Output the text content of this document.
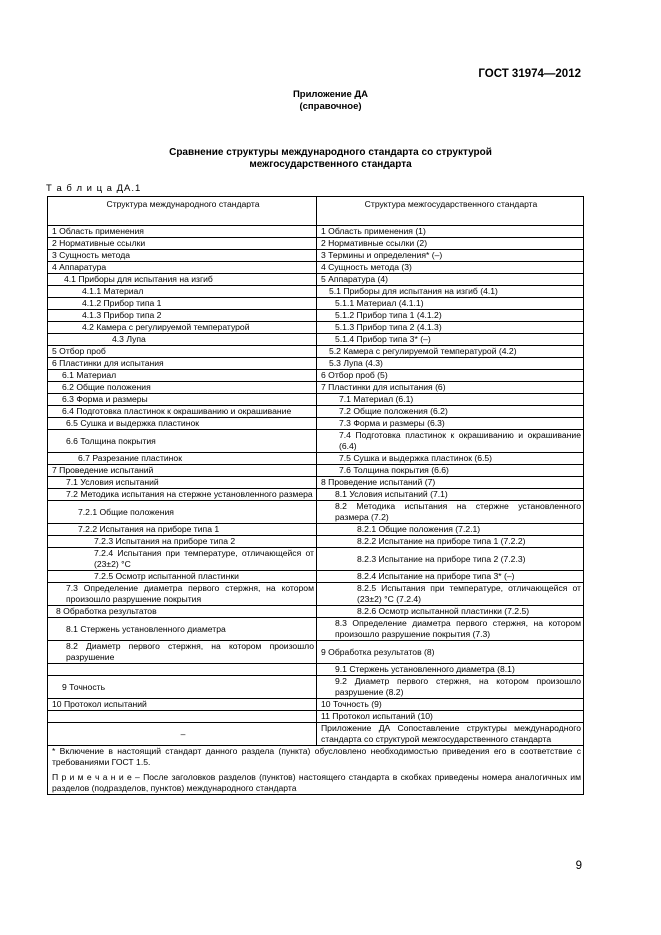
ГОСТ 31974—2012
Приложение ДА
(справочное)
Сравнение структуры международного стандарта со структурой
межгосударственного стандарта
Т а б л и ц а ДА.1
Структура международного стандарта	Структура межгосударственного стандарта

1 Область применения	1 Область применения (1)
2 Нормативные ссылки	2 Нормативные ссылки (2)
3 Сущность метода	3 Термины и определения* (–)
4 Аппаратура	4 Сущность метода (3)
4.1 Приборы для испытания на изгиб	5 Аппаратура (4)
4.1.1 Материал	5.1 Приборы для испытания на изгиб (4.1)
4.1.2 Прибор типа 1	5.1.1 Материал (4.1.1)
4.1.3 Прибор типа 2	5.1.2 Прибор типа 1 (4.1.2)
4.2 Камера с регулируемой температурой	5.1.3 Прибор типа 2 (4.1.3)
4.3 Лупа	5.1.4 Прибор типа 3* (–)
5 Отбор проб	5.2 Камера с регулируемой температурой (4.2)
6 Пластинки для испытания	5.3 Лупа (4.3)
6.1 Материал	6 Отбор проб (5)
6.2 Общие положения	7 Пластинки для испытания (6)
6.3 Форма и размеры	7.1 Материал (6.1)
6.4 Подготовка пластинок к окрашиванию и окрашивание	7.2 Общие положения (6.2)
6.5 Сушка и выдержка пластинок	7.3 Форма и размеры (6.3)
6.6 Толщина покрытия	7.4 Подготовка пластинок к окрашиванию и окрашивание (6.4)
6.7 Разрезание пластинок	7.5 Сушка и выдержка пластинок (6.5)
7 Проведение испытаний	7.6 Толщина покрытия (6.6)
7.1 Условия испытаний	8 Проведение испытаний (7)
7.2 Методика испытания на стержне установленного размера	8.1 Условия испытаний (7.1)
7.2.1 Общие положения	8.2 Методика испытания на стержне установленного размера (7.2)
7.2.2 Испытания на приборе типа 1	8.2.1 Общие положения (7.2.1)
7.2.3 Испытания на приборе типа 2	8.2.2 Испытание на приборе типа 1 (7.2.2)
7.2.4 Испытания при температуре, отличающейся от (23±2) °С	8.2.3 Испытание на приборе типа 2 (7.2.3)
7.2.5 Осмотр испытанной пластинки	8.2.4 Испытание на приборе типа 3* (–)
7.3 Определение диаметра первого стержня, на котором произошло разрушение покрытия	8.2.5 Испытания при температуре, отличающейся от (23±2) °С (7.2.4)
8 Обработка результатов	8.2.6 Осмотр испытанной пластинки (7.2.5)
8.1 Стержень установленного диаметра	8.3 Определение диаметра первого стержня, на котором произошло разрушение покрытия (7.3)
8.2 Диаметр первого стержня, на котором произошло разрушение	9 Обработка результатов (8)
	9.1 Стержень установленного диаметра (8.1)
9 Точность	9.2 Диаметр первого стержня, на котором произошло разрушение (8.2)
10 Протокол испытаний	10 Точность (9)
	11 Протокол испытаний (10)
–	Приложение ДА Сопоставление структуры международного стандарта со структурой межгосударственного стандарта

* Включение в настоящий стандарт данного раздела (пункта) обусловлено необходимостью приведения его в соответствие с требованиями ГОСТ 1.5.
П р и м е ч а н и е – После заголовков разделов (пунктов) настоящего стандарта в скобках приведены номера аналогичных им разделов (подразделов, пунктов) международного стандарта	
9
